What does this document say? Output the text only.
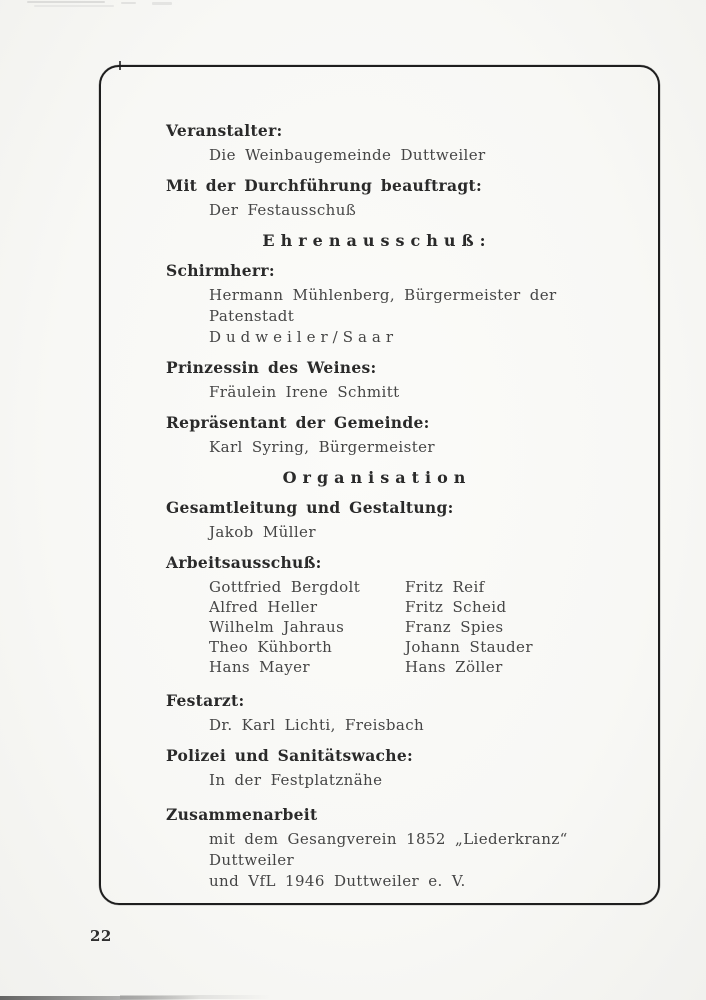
Veranstalter:

Die Weinbaugemeinde Duttweiler

Mit der Durchführung beauftragt:

Der Festausschuß

Ehrenausschuß:
Schirmherr:

Hermann Mühlenberg, Bürgermeister der Patenstadt

Dudweiler/Saar

Prinzessin des Weines:

Fräulein Irene Schmitt

Repräsentant der Gemeinde:

Karl Syring, Bürgermeister

Organisation
Gesamtleitung und Gestaltung:

Jakob Müller

Arbeitsausschuß:

Gottfried Bergdolt

Alfred Heller

Wilhelm Jahraus

Theo Kühborth

Hans Mayer

Fritz Reif

Fritz Scheid

Franz Spies

Johann Stauder

Hans Zöller

Festarzt:

Dr. Karl Lichti, Freisbach

Polizei und Sanitätswache:

In der Festplatznähe

Zusammenarbeit

mit dem Gesangverein 1852 „Liederkranz“ Duttweiler

und VfL 1946 Duttweiler e. V.

22
